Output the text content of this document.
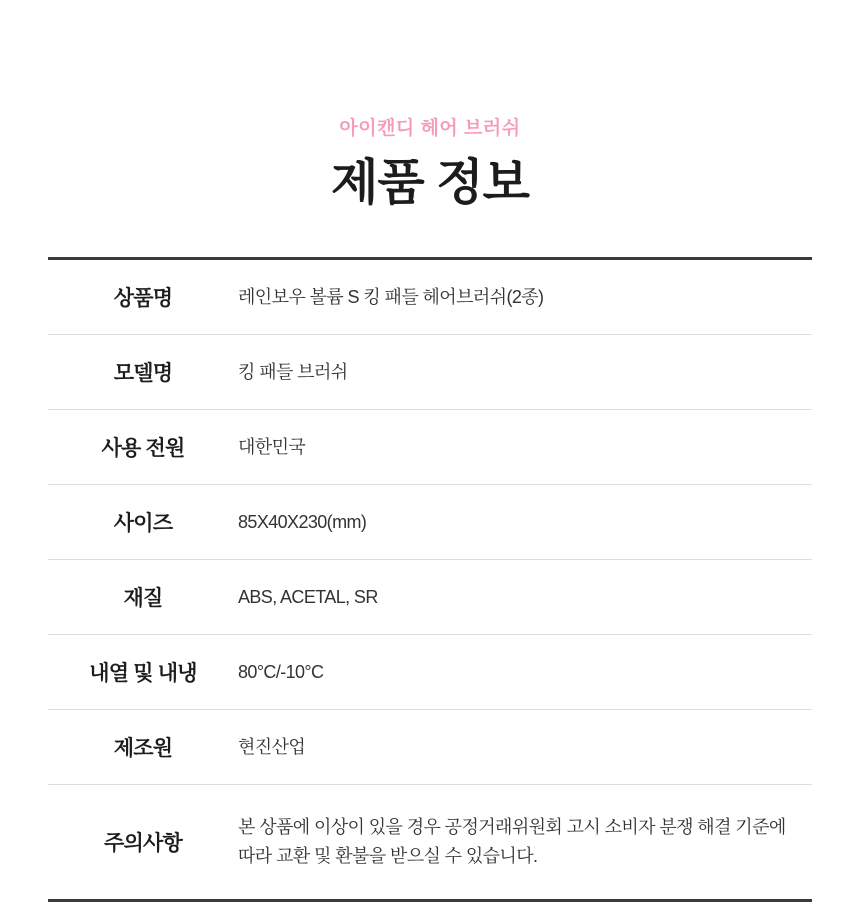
아이캔디 헤어 브러쉬
제품 정보
상품명	레인보우 볼륨 S 킹 패들 헤어브러쉬(2종)
모델명	킹 패들 브러쉬
사용 전원	대한민국
사이즈	85X40X230(mm)
재질	ABS, ACETAL, SR
내열 및 내냉	80°C/-10°C
제조원	현진산업
주의사항	본 상품에 이상이 있을 경우 공정거래위원회 고시 소비자 분쟁 해결 기준에 따라 교환 및 환불을 받으실 수 있습니다.
